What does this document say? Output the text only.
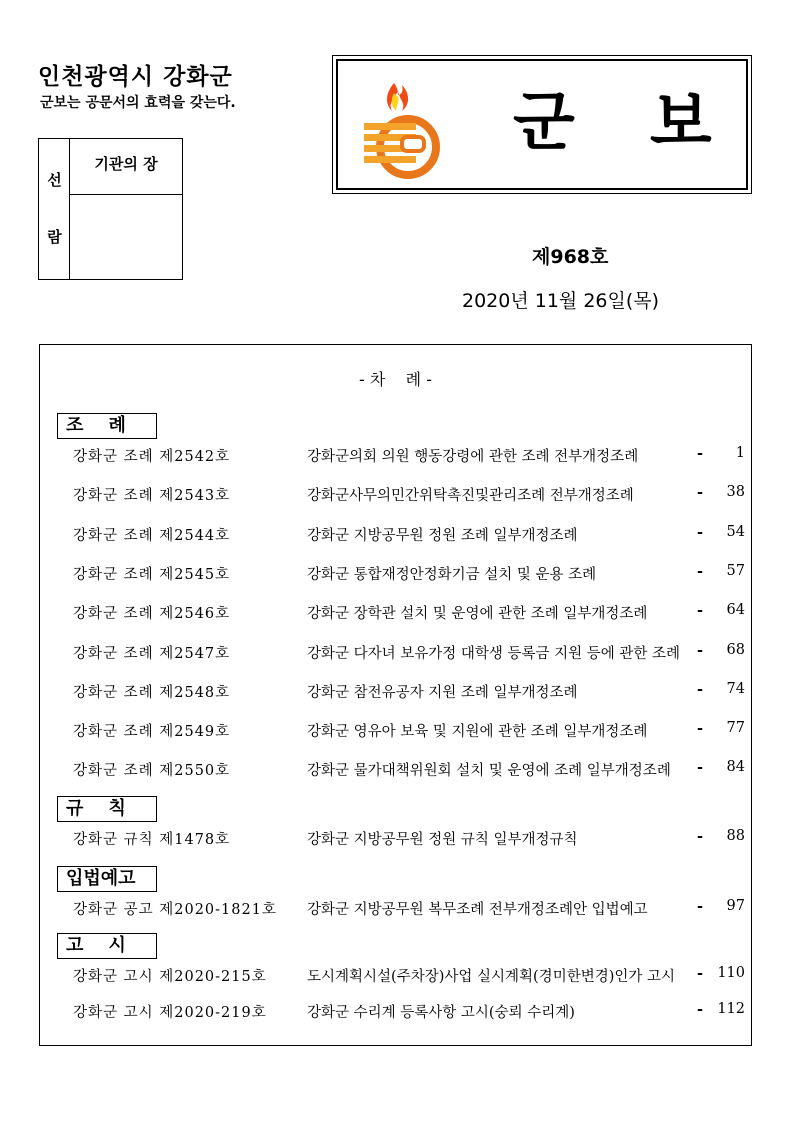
인천광역시 강화군
군보는 공문서의 효력을 갖는다.
선
람
기관의 장
군보
제968호
2020년 11월 26일(목)
- 차    례 -
조    례
강화군 조례 제2542호	강화군의회 의원 행동강령에 관한 조례 전부개정조례	- 1
강화군 조례 제2543호	강화군사무의민간위탁촉진및관리조례 전부개정조례	- 38
강화군 조례 제2544호	강화군 지방공무원 정원 조례 일부개정조례	- 54
강화군 조례 제2545호	강화군 통합재정안정화기금 설치 및 운용 조례	- 57
강화군 조례 제2546호	강화군 장학관 설치 및 운영에 관한 조례 일부개정조례	- 64
강화군 조례 제2547호	강화군 다자녀 보유가정 대학생 등록금 지원 등에 관한 조례 - 68
강화군 조례 제2548호	강화군 참전유공자 지원 조례 일부개정조례	- 74
강화군 조례 제2549호	강화군 영유아 보육 및 지원에 관한 조례 일부개정조례	- 77
강화군 조례 제2550호	강화군 물가대책위원회 설치 및 운영에 조례 일부개정조례 - 84
규    칙
강화군 규칙 제1478호	강화군 지방공무원 정원 규칙 일부개정규칙	- 88
입법예고
강화군 공고 제2020-1821호 강화군 지방공무원 복무조례 전부개정조례안 입법예고	- 97
고    시
강화군 고시 제2020-215호	도시계획시설(주차장)사업 실시계획(경미한변경)인가 고시 - 110
강화군 고시 제2020-219호	강화군 수리계 등록사항 고시(숭뢰 수리계)	- 112
